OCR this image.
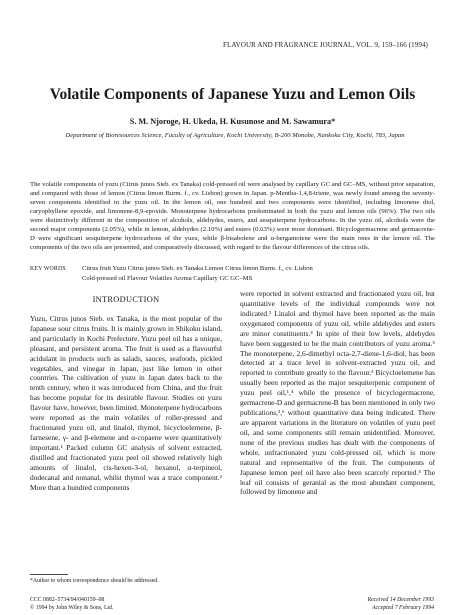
FLAVOUR AND FRAGRANCE JOURNAL, VOL. 9, 159–166 (1994)
Volatile Components of Japanese Yuzu and Lemon Oils
S. M. Njoroge, H. Ukeda, H. Kusunose and M. Sawamura*
Department of Bioresources Science, Faculty of Agriculture, Kochi University, B-200 Monobe, Nankoku City, Kochi, 783, Japan
The volatile components of yuzu (Citrus junos Sieb. ex Tanaka) cold-pressed oil were analysed by capillary GC and GC–MS, without prior separation, and compared with those of lemon (Citrus limon Burm. f., cv. Lisbon) grown in Japan. p-Mentha-1,4,8-triene, was newly found among the seventy-seven components identified in the yuzu oil. In the lemon oil, one hundred and two components were identified, including limonene diol, caryophyllene epoxide, and limonene-8,9-epoxide. Monoterpene hydrocarbons predominated in both the yuzu and lemon oils (96%). The two oils were distinctively different in the composition of alcohols, aldehydes, esters, and sesquiterpene hydrocarbons. In the yuzu oil, alcohols were the second major components (2.05%), while in lemon, aldehydes (2.10%) and esters (0.63%) were more dominant. Bicyclogermacrene and germacrene-D were significant sesquiterpene hydrocarbons of the yuzu, while β-bisabolene and α-bergamotene were the main ones in the lemon oil. The components of the two oils are presented, and comparatively discussed, with regard to the flavour differences of the citrus oils.
KEY WORDS Citrus fruit Yuzu Citrus junos Sieb. ex Tanaka Lemon Citrus limon Burm. f., cv. Lisbon
Cold-pressed oil Flavour Volatiles Aroma Capillary GC GC–MS
INTRODUCTION

Yuzu, Citrus junos Sieb. ex Tanaka, is the most popular of the Japanese sour citrus fruits. It is mainly grown in Shikoku island, and particularly in Kochi Prefecture. Yuzu peel oil has a unique, pleasant, and persistent aroma. The fruit is used as a flavourful acidulant in products such as salads, sauces, seafoods, pickled vegetables, and vinegar in Japan, just like lemon in other countries. The cultivation of yuzu in Japan dates back to the tenth century, when it was introduced from China, and the fruit has become popular for its desirable flavour. Studies on yuzu flavour have, however, been limited. Monoterpene hydrocarbons were reported as the main volatiles of roller-pressed and fractionated yuzu oil, and linalol, thymol, bicycloelemene, β-farnesene, γ- and β-elemene and α-copaene were quantitatively important.¹ Packed column GC analysis of solvent extracted, distilled and fractionated yuzu peel oil showed relatively high amounts of linalol, cis-hexen-3-ol, hexanol, α-terpineol, dodecanal and nonanal, whilst thymol was a trace component.² More than a hundred components

were reported in solvent extracted and fractionated yuzu oil, but quantitative levels of the individual compounds were not indicated.³ Linalol and thymol have been reported as the main oxygenated components of yuzu oil, while aldehydes and esters are minor constituents.⁴ In spite of their low levels, aldehydes have been suggested to be the main contributors of yuzu aroma.⁵ The monoterpene, 2,6-dimethyl octa-2,7-diene-1,6-diol, has been detected at a trace level in solvent-extracted yuzu oil, and reported to contribute greatly to the flavour.³ Bicycloelemene has usually been reported as the major sesquiterpenic component of yuzu peel oil,¹,⁴ while the presence of bicyclogermacrene, germacrene-D and germacrene-B has been mentioned in only two publications,³,⁶ without quantitative data being indicated. There are apparent variations in the literature on volatiles of yuzu peel oil, and some components still remain unidentified. Moreover, none of the previous studies has dealt with the components of whole, unfractionated yuzu cold-pressed oil, which is more natural and representative of the fruit. The components of Japanese lemon peel oil have also been scarcely reported.⁴ The leaf oil consists of geranial as the most abundant component, followed by limonene and

*Author to whom correspondence should be addressed.
CCC 0882–5734/94/040159–08
© 1994 by John Wiley & Sons, Ltd.
Received 14 December 1993
Accepted 7 February 1994
